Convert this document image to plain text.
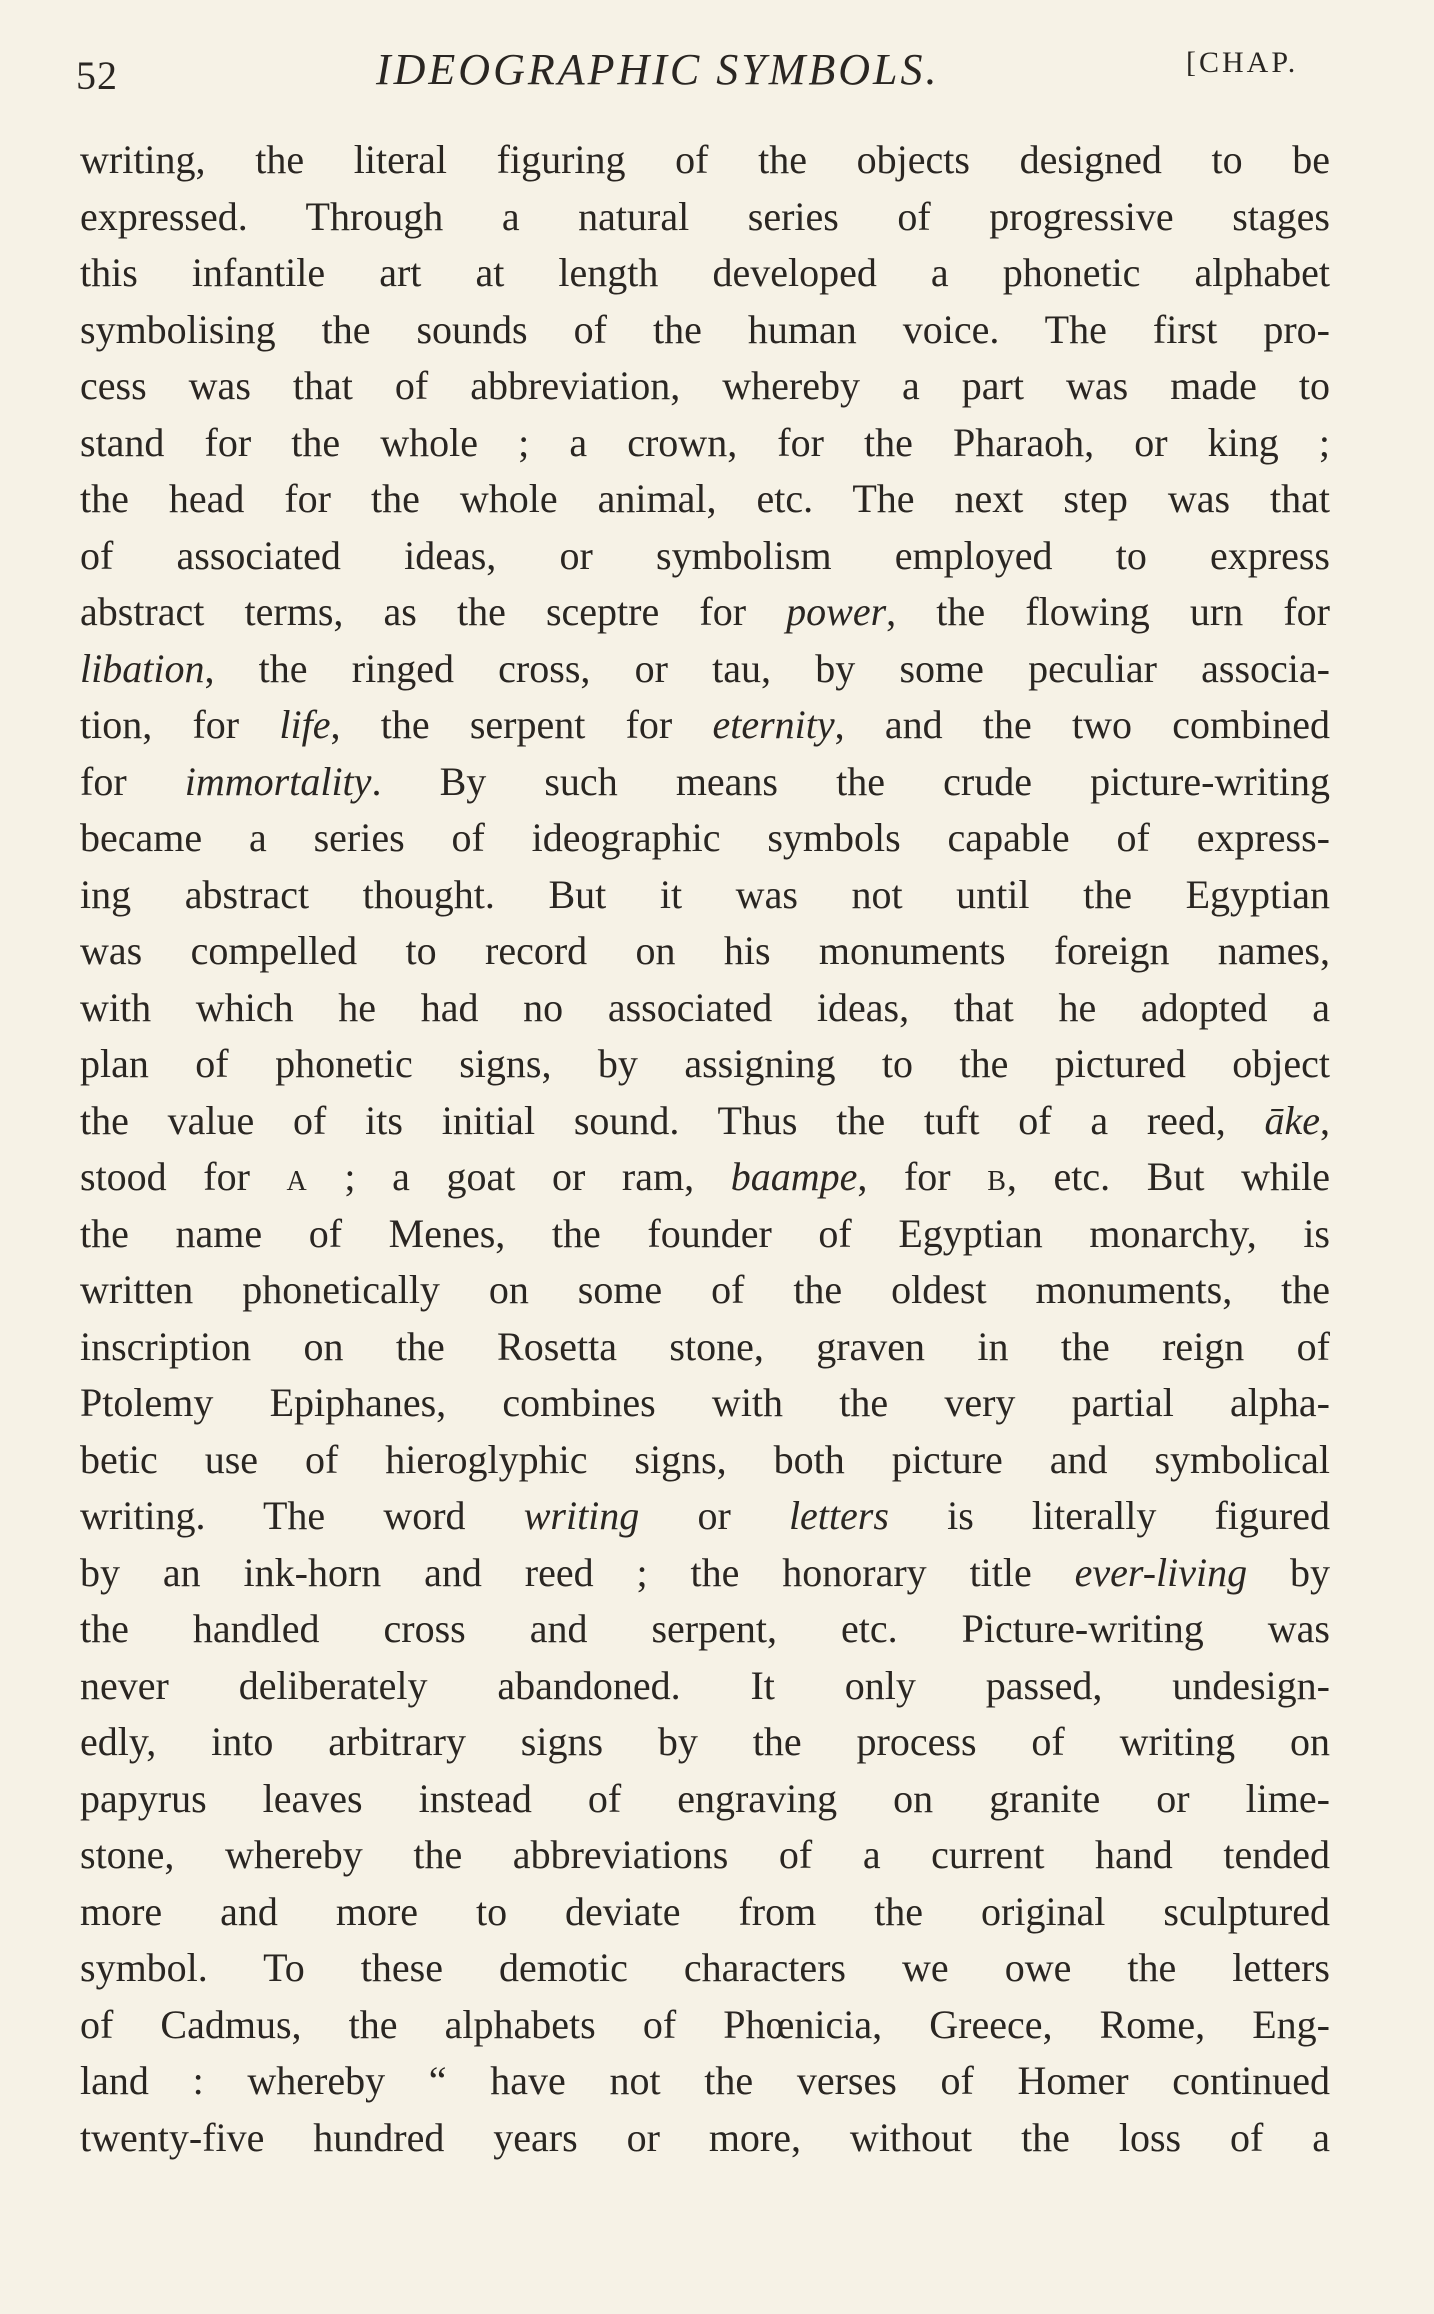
52	IDEOGRAPHIC SYMBOLS.	[CHAP.
writing, the literal figuring of the objects designed to be
expressed. Through a natural series of progressive stages
this infantile art at length developed a phonetic alphabet
symbolising the sounds of the human voice. The first pro-
cess was that of abbreviation, whereby a part was made to
stand for the whole ; a crown, for the Pharaoh, or king ;
the head for the whole animal, etc. The next step was that
of associated ideas, or symbolism employed to express
abstract terms, as the sceptre for power, the flowing urn for
libation, the ringed cross, or tau, by some peculiar associa-
tion, for life, the serpent for eternity, and the two combined
for immortality. By such means the crude picture-writing
became a series of ideographic symbols capable of express-
ing abstract thought. But it was not until the Egyptian
was compelled to record on his monuments foreign names,
with which he had no associated ideas, that he adopted a
plan of phonetic signs, by assigning to the pictured object
the value of its initial sound. Thus the tuft of a reed, āke,
stood for A ; a goat or ram, baampe, for B, etc. But while
the name of Menes, the founder of Egyptian monarchy, is
written phonetically on some of the oldest monuments, the
inscription on the Rosetta stone, graven in the reign of
Ptolemy Epiphanes, combines with the very partial alpha-
betic use of hieroglyphic signs, both picture and symbolical
writing. The word writing or letters is literally figured
by an ink-horn and reed ; the honorary title ever-living by
the handled cross and serpent, etc. Picture-writing was
never deliberately abandoned. It only passed, undesign-
edly, into arbitrary signs by the process of writing on
papyrus leaves instead of engraving on granite or lime-
stone, whereby the abbreviations of a current hand tended
more and more to deviate from the original sculptured
symbol. To these demotic characters we owe the letters
of Cadmus, the alphabets of Phœnicia, Greece, Rome, Eng-
land : whereby “ have not the verses of Homer continued
twenty-five hundred years or more, without the loss of a
